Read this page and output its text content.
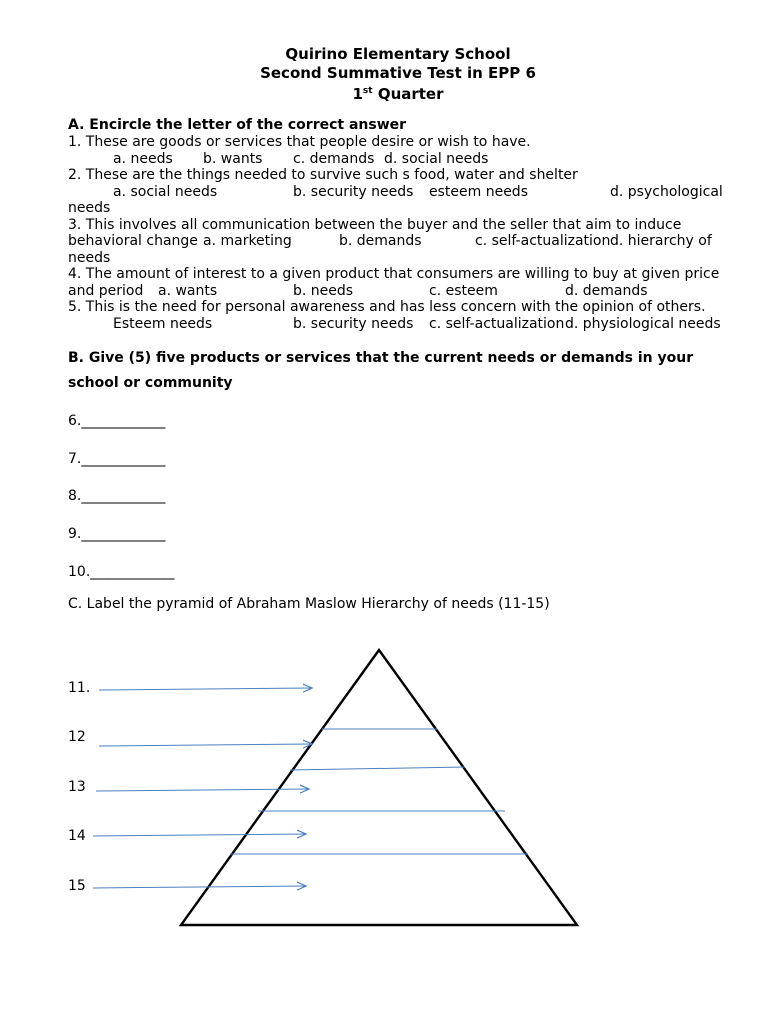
Quirino Elementary School
Second Summative Test in EPP 6
1st Quarter
A. Encircle the letter of the correct answer
1. These are goods or services that people desire or wish to have.
a. needs b. wants c. demands d. social needs
2. These are the things needed to survive such s food, water and shelter
a. social needs	b. security needs esteem needs	d. psychological
needs
3. This involves all communication between the buyer and the seller that aim to induce
behavioral change a. marketing	b. demands	c. self-actualization d. hierarchy of
needs
4. The amount of interest to a given product that consumers are willing to buy at given price
and period a. wants	b. needs	c. esteem	d. demands
5. This is the need for personal awareness and has less concern with the opinion of others.
Esteem needs	b. security needs c. self-actualization d. physiological needs
B. Give (5) five products or services that the current needs or demands in your
school or community
6.____________
7.____________
8.____________
9.____________
10.____________
C. Label the pyramid of Abraham Maslow Hierarchy of needs (11-15)
11.
12
13
14
15
